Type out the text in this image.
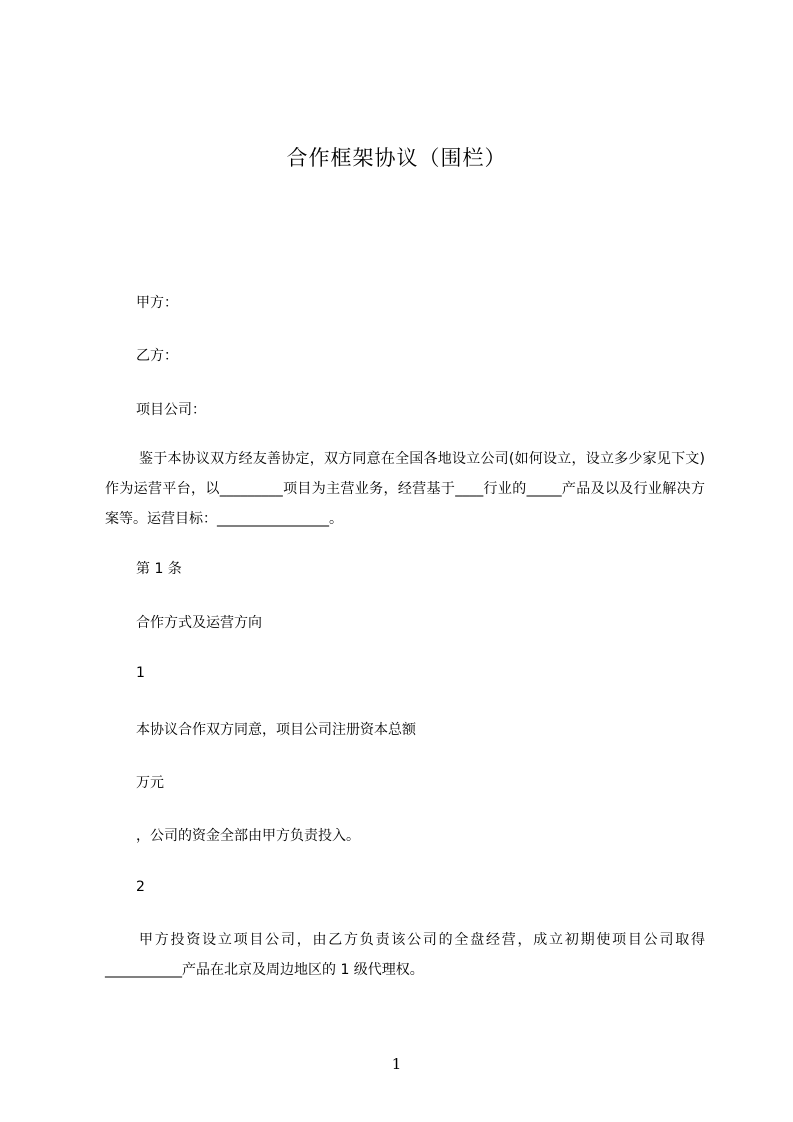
合作框架协议（围栏）
甲方：
乙方：
项目公司：
鉴于本协议双方经友善协定，双方同意在全国各地设立公司(如何设立，设立多少家见下文)作为运营平台，以_________项目为主营业务，经营基于____行业的_____产品及以及行业解决方案等。运营目标：________________。
第 1 条
合作方式及运营方向
1
本协议合作双方同意，项目公司注册资本总额
万元
，公司的资金全部由甲方负责投入。
2
甲方投资设立项目公司，由乙方负责该公司的全盘经营，成立初期使项目公司取得___________产品在北京及周边地区的 1 级代理权。
1
